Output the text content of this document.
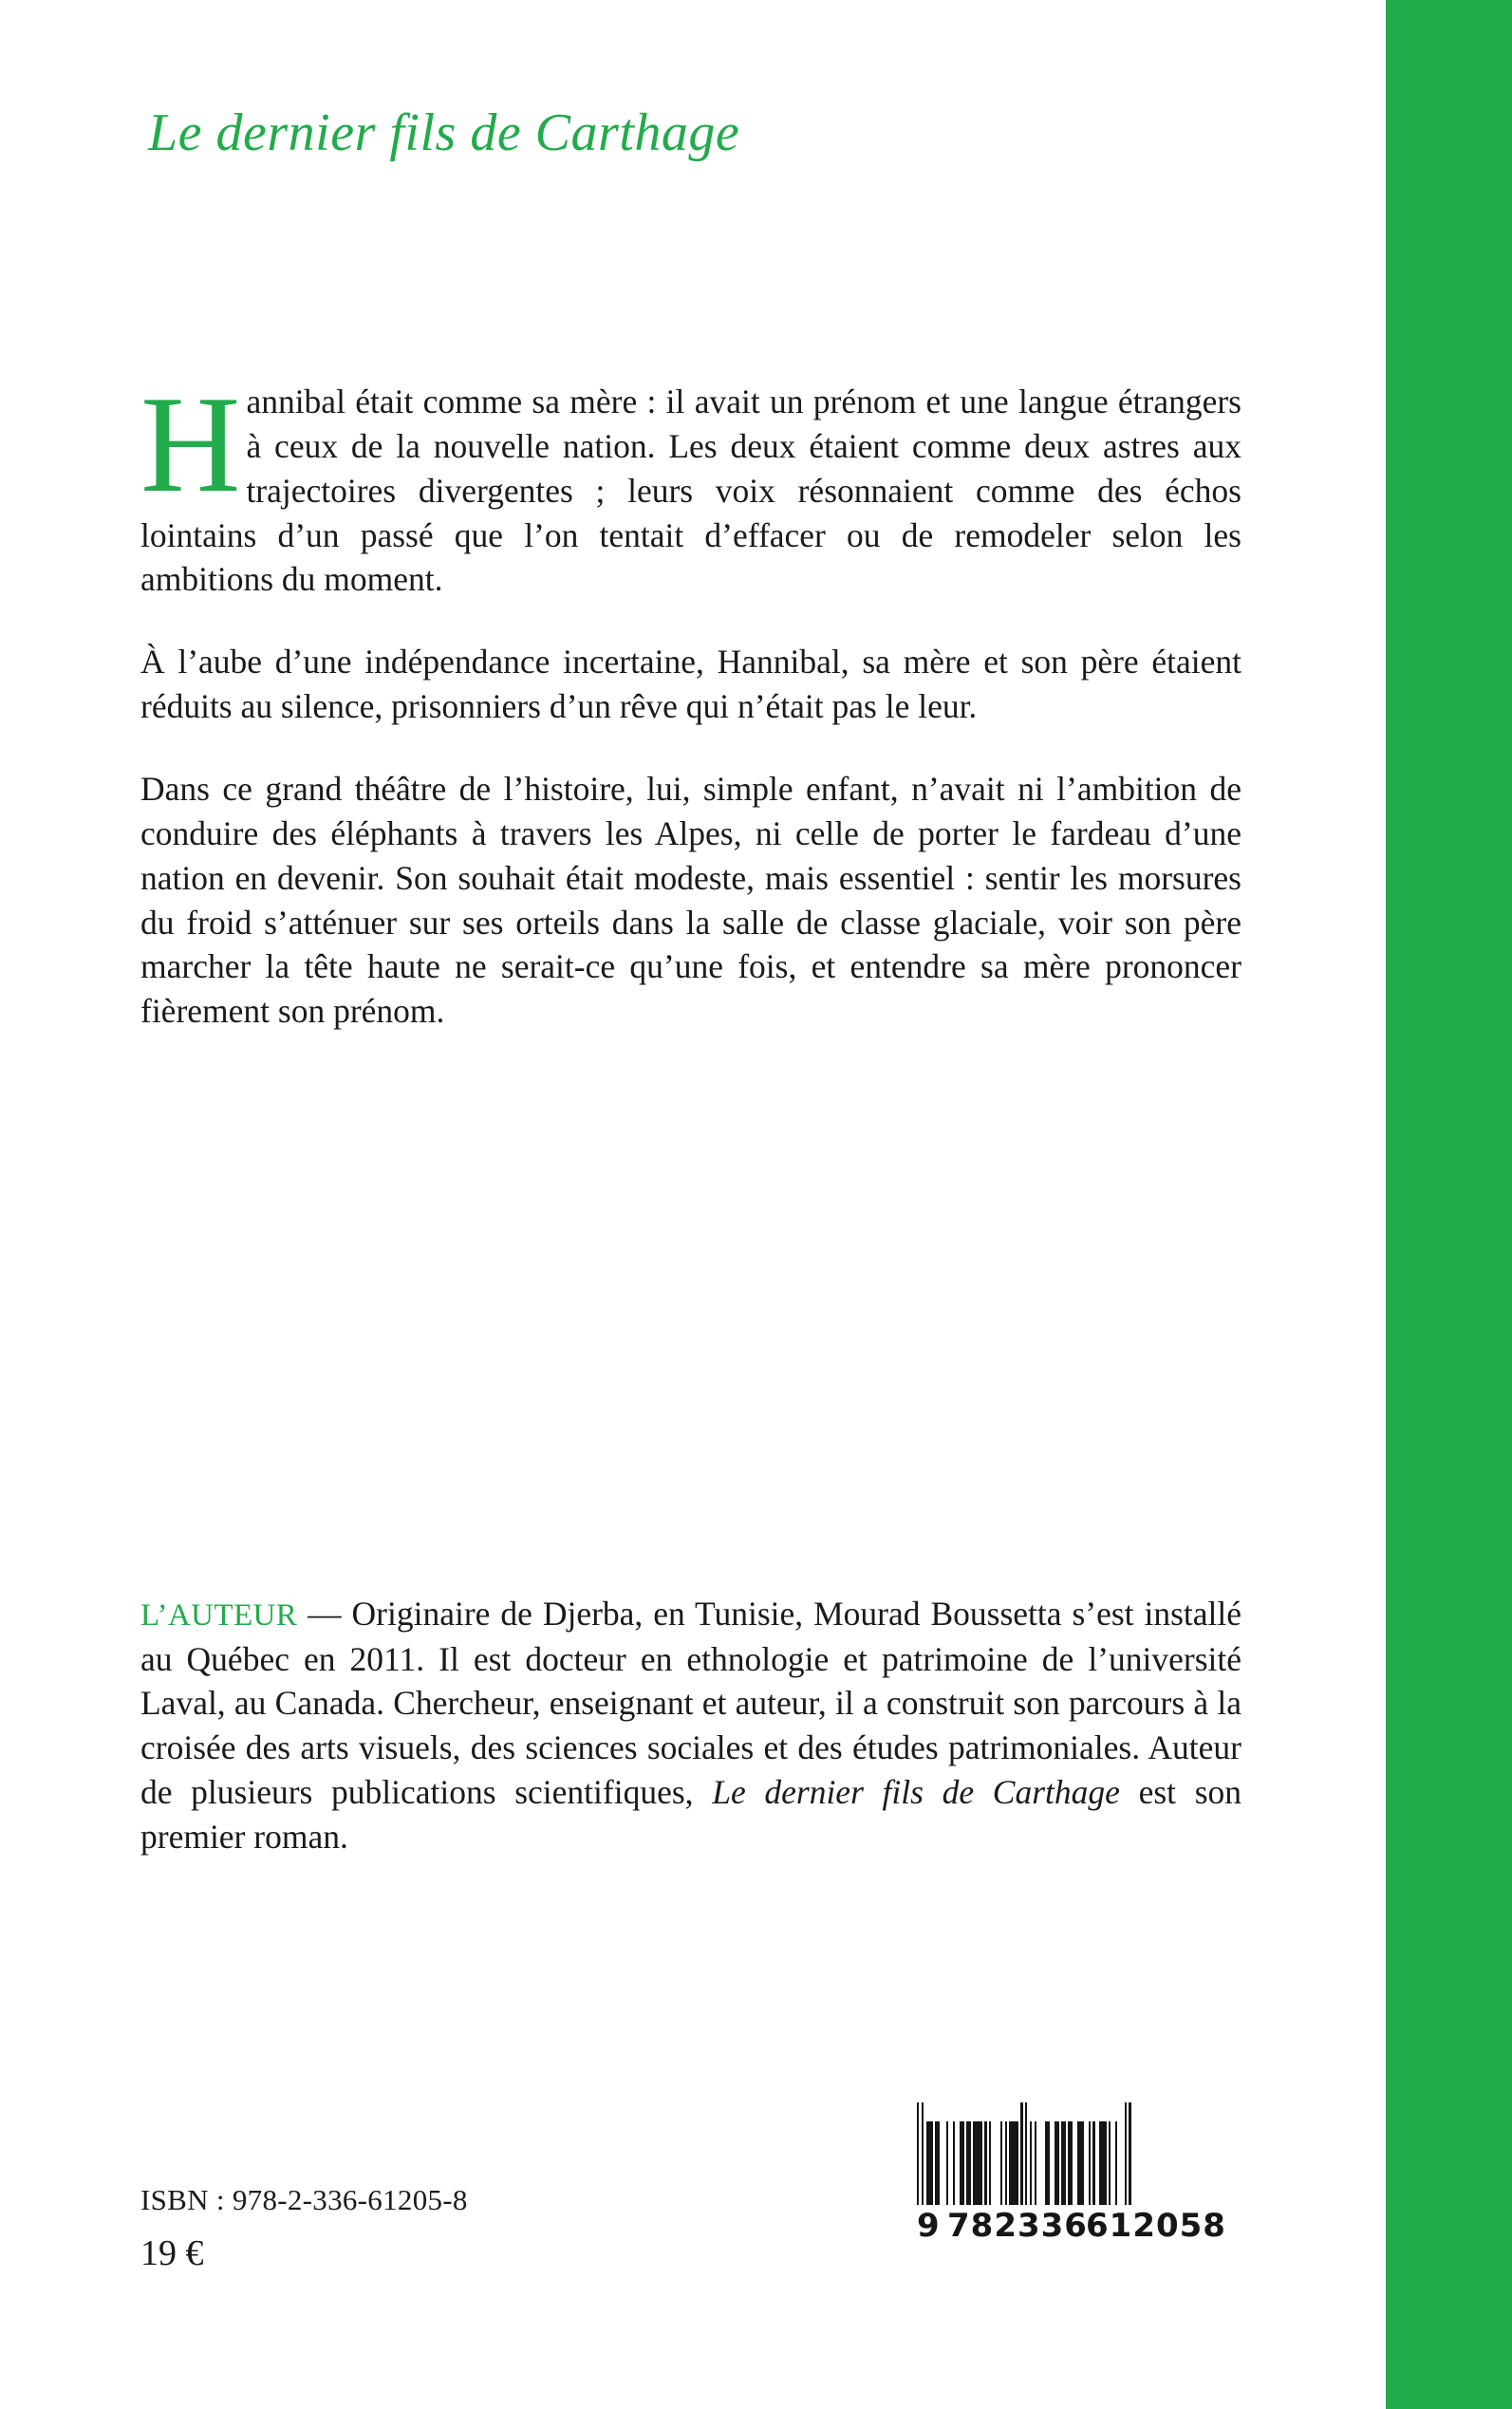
Le dernier fils de Carthage

Hannibal était comme sa mère : il avait un prénom et une langue étrangers à ceux de la nouvelle nation. Les deux étaient comme deux astres aux trajectoires divergentes ; leurs voix résonnaient comme des échos lointains d’un passé que l’on tentait d’effacer ou de remodeler selon les ambitions du moment.

À l’aube d’une indépendance incertaine, Hannibal, sa mère et son père étaient réduits au silence, prisonniers d’un rêve qui n’était pas le leur.

Dans ce grand théâtre de l’histoire, lui, simple enfant, n’avait ni l’ambition de conduire des éléphants à travers les Alpes, ni celle de porter le fardeau d’une nation en devenir. Son souhait était modeste, mais essentiel : sentir les morsures du froid s’atténuer sur ses orteils dans la salle de classe glaciale, voir son père marcher la tête haute ne serait-ce qu’une fois, et entendre sa mère prononcer fièrement son prénom.

L’AUTEUR — Originaire de Djerba, en Tunisie, Mourad Boussetta s’est installé au Québec en 2011. Il est docteur en ethnologie et patrimoine de l’université Laval, au Canada. Chercheur, enseignant et auteur, il a construit son parcours à la croisée des arts visuels, des sciences sociales et des études patrimoniales. Auteur de plusieurs publications scientifiques, Le dernier fils de Carthage est son premier roman.

ISBN : 978-2-336-61205-8
19 €
9 782336
612058
